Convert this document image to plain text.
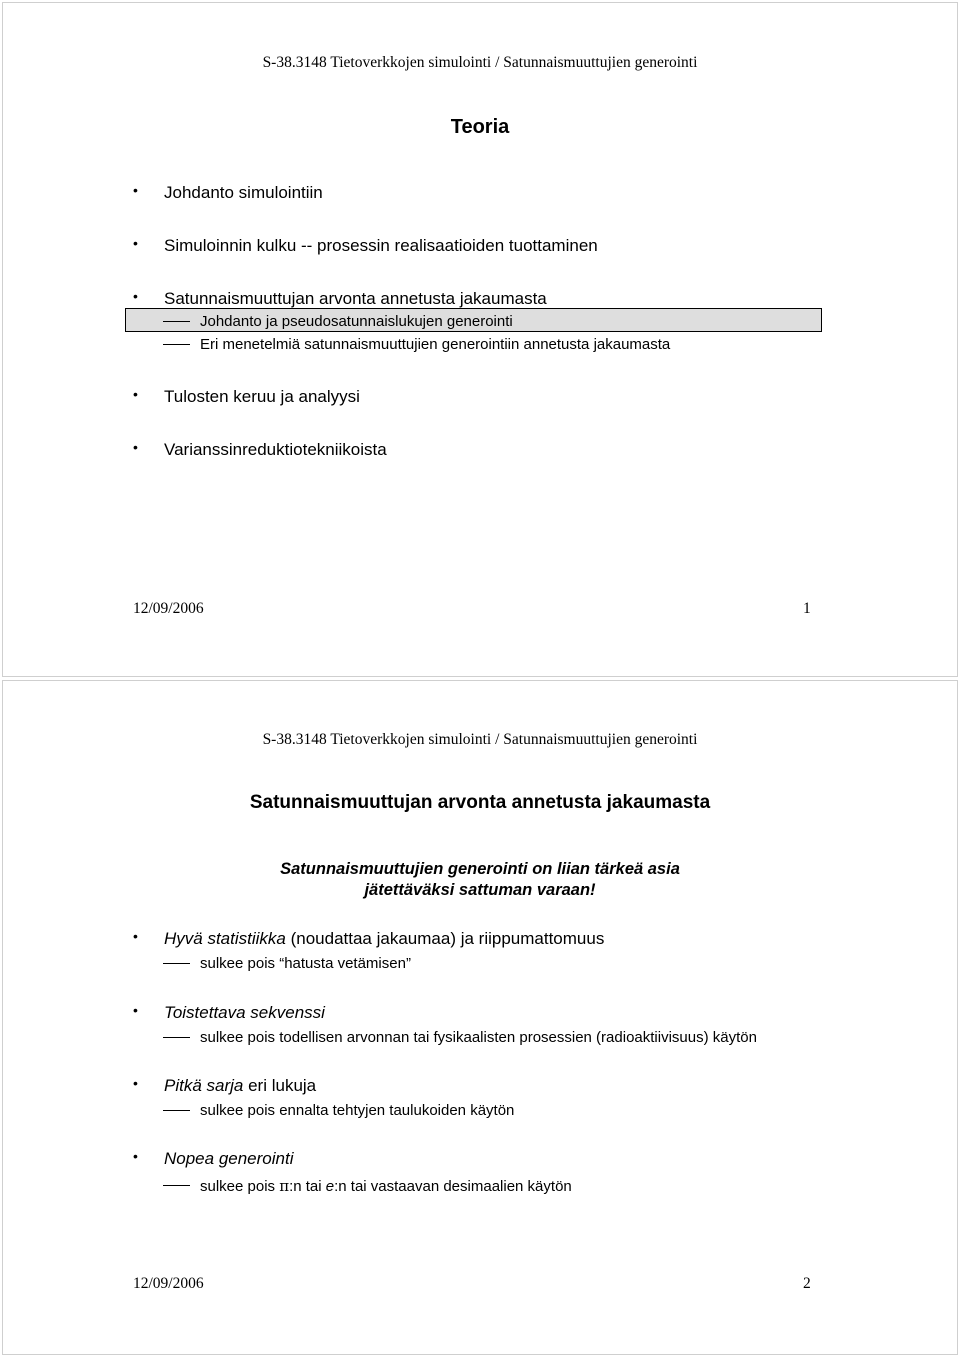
S-38.3148 Tietoverkkojen simulointi / Satunnaismuuttujien generointi
Teoria
• Johdanto simulointiin
• Simuloinnin kulku -- prosessin realisaatioiden tuottaminen
• Satunnaismuuttujan arvonta annetusta jakaumasta
Johdanto ja pseudosatunnaislukujen generointi
Eri menetelmiä satunnaismuuttujien generointiin annetusta jakaumasta
• Tulosten keruu ja analyysi
• Varianssinreduktiotekniikoista
12/09/2006	1
S-38.3148 Tietoverkkojen simulointi / Satunnaismuuttujien generointi
Satunnaismuuttujan arvonta annetusta jakaumasta
Satunnaismuuttujien generointi on liian tärkeä asia
jätettäväksi sattuman varaan!
• Hyvä statistiikka (noudattaa jakaumaa) ja riippumattomuus
sulkee pois “hatusta vetämisen”
• Toistettava sekvenssi
sulkee pois todellisen arvonnan tai fysikaalisten prosessien (radioaktiivisuus) käytön
• Pitkä sarja eri lukuja
sulkee pois ennalta tehtyjen taulukoiden käytön
• Nopea generointi
sulkee pois π:n tai e:n tai vastaavan desimaalien käytön
12/09/2006	2
